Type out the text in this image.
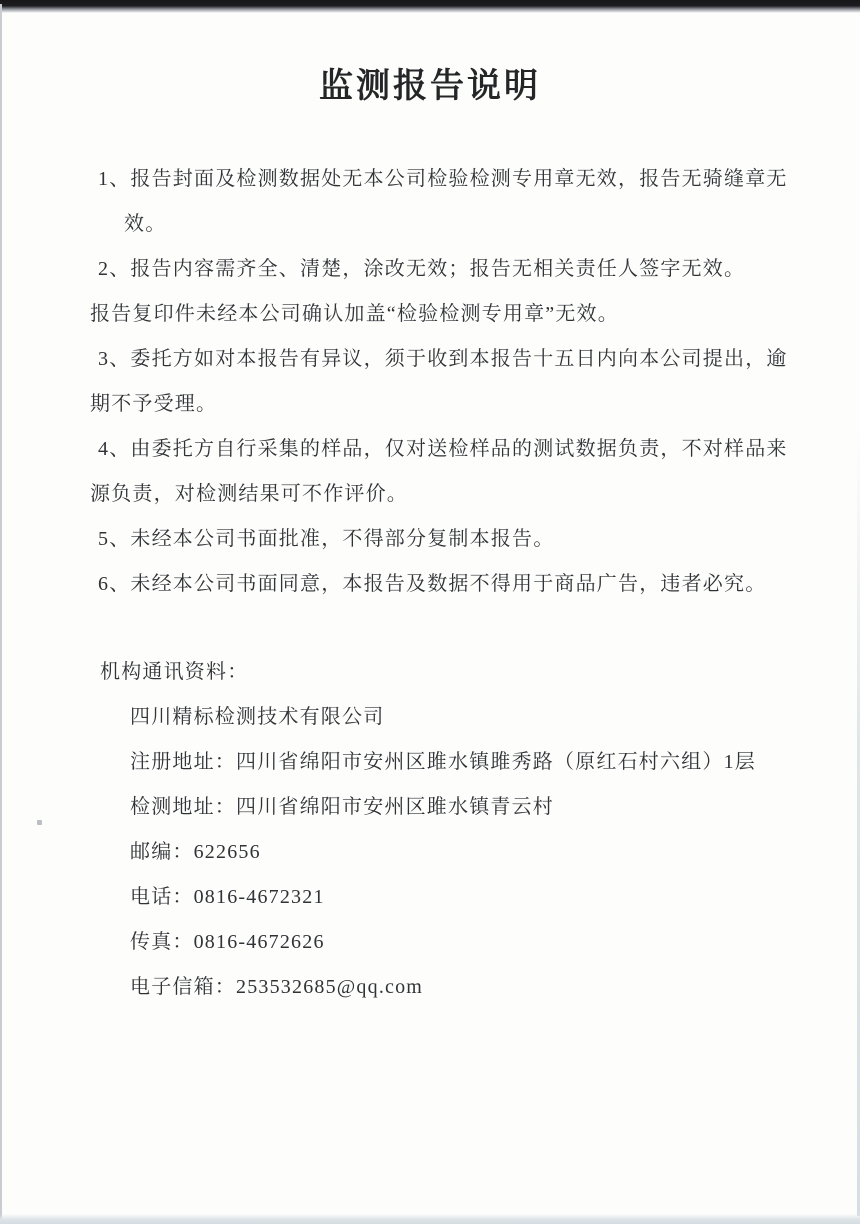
监测报告说明
1、报告封面及检测数据处无本公司检验检测专用章无效，报告无骑缝章无
效。
2、报告内容需齐全、清楚，涂改无效；报告无相关责任人签字无效。
报告复印件未经本公司确认加盖“检验检测专用章”无效。
3、委托方如对本报告有异议，须于收到本报告十五日内向本公司提出，逾
期不予受理。
4、由委托方自行采集的样品，仅对送检样品的测试数据负责，不对样品来
源负责，对检测结果可不作评价。
5、未经本公司书面批准，不得部分复制本报告。
6、未经本公司书面同意，本报告及数据不得用于商品广告，违者必究。
机构通讯资料：
四川精标检测技术有限公司
注册地址：四川省绵阳市安州区雎水镇雎秀路（原红石村六组）1层
检测地址：四川省绵阳市安州区雎水镇青云村
邮编：622656
电话：0816-4672321
传真：0816-4672626
电子信箱：253532685@qq.com
